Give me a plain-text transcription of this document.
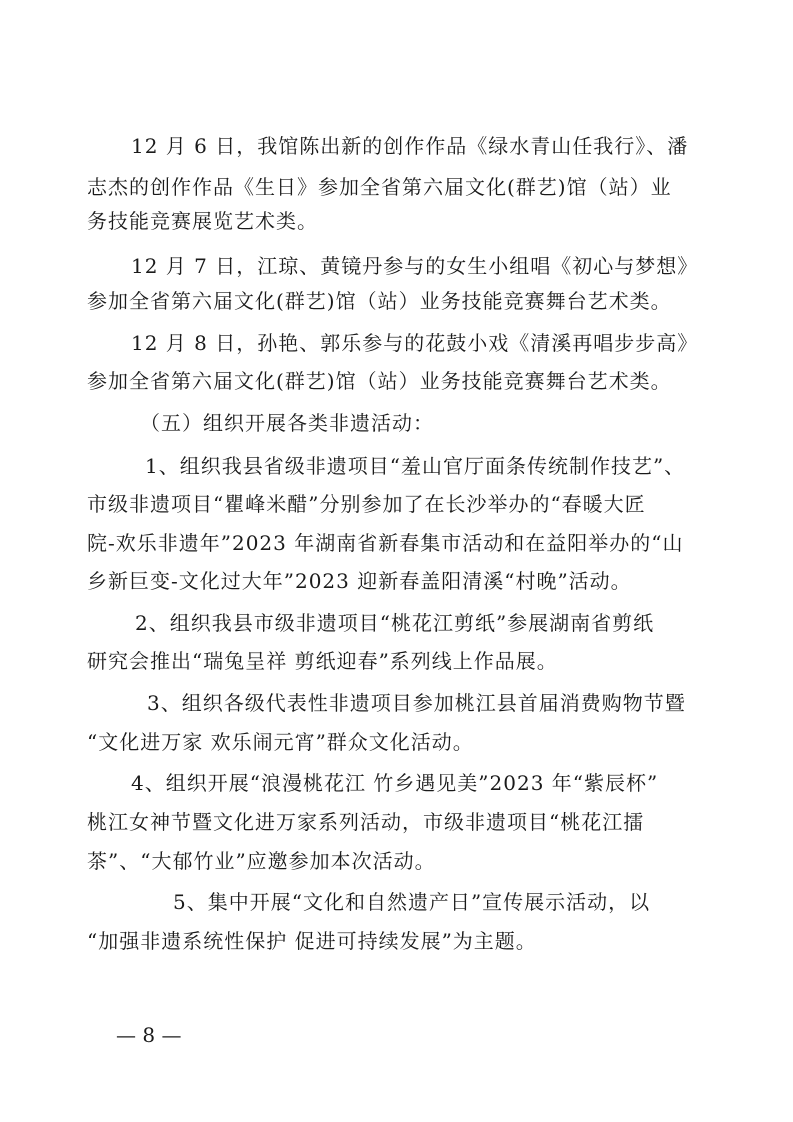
12 月 6 日，我馆陈出新的创作作品《绿水青山任我行》、潘
志杰的创作作品《生日》参加全省第六届文化(群艺)馆（站）业
务技能竞赛展览艺术类。
12 月 7 日，江琼、黄镜丹参与的女生小组唱《初心与梦想》
参加全省第六届文化(群艺)馆（站）业务技能竞赛舞台艺术类。
12 月 8 日，孙艳、郭乐参与的花鼓小戏《清溪再唱步步高》
参加全省第六届文化(群艺)馆（站）业务技能竞赛舞台艺术类。
（五）组织开展各类非遗活动：
1、组织我县省级非遗项目“羞山官厅面条传统制作技艺”、
市级非遗项目“瞿峰米醋”分别参加了在长沙举办的“春暖大匠
院-欢乐非遗年”2023 年湖南省新春集市活动和在益阳举办的“山
乡新巨变-文化过大年”2023 迎新春盖阳清溪“村晚”活动。
2、组织我县市级非遗项目“桃花江剪纸”参展湖南省剪纸
研究会推出“瑞兔呈祥 剪纸迎春”系列线上作品展。
3、组织各级代表性非遗项目参加桃江县首届消费购物节暨
“文化进万家 欢乐闹元宵”群众文化活动。
4、组织开展“浪漫桃花江 竹乡遇见美”2023 年“紫辰杯”
桃江女神节暨文化进万家系列活动，市级非遗项目“桃花江擂
茶”、“大郁竹业”应邀参加本次活动。
5、集中开展“文化和自然遗产日”宣传展示活动，以
“加强非遗系统性保护 促进可持续发展”为主题。
— 8 —
